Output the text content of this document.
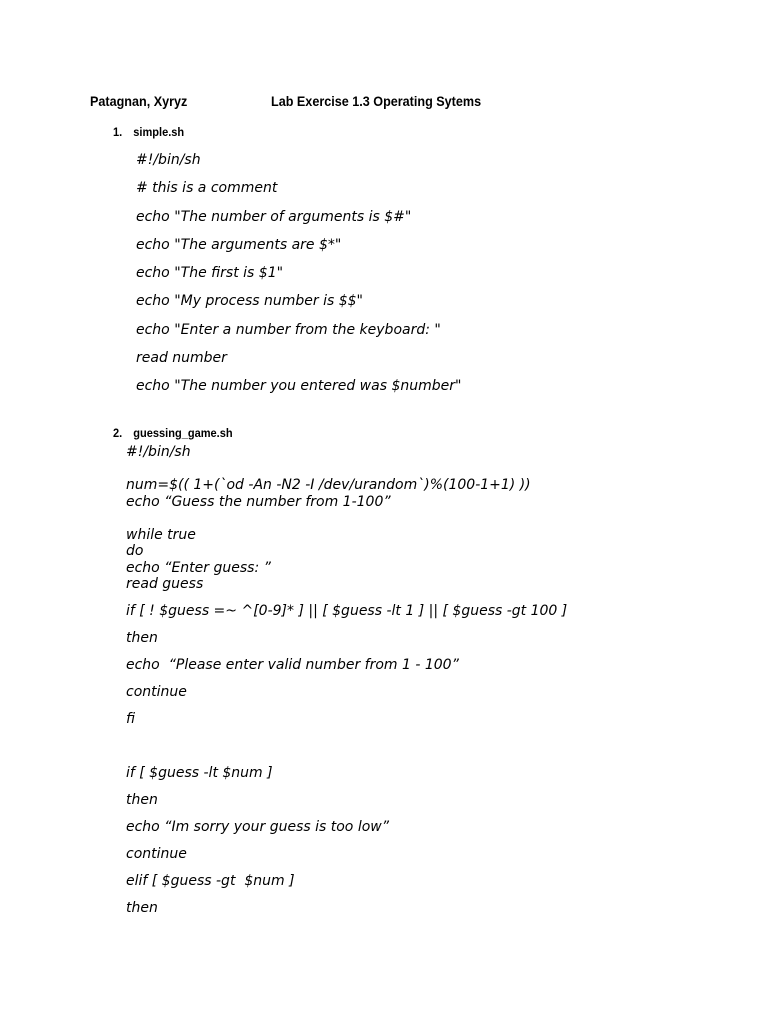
Patagnan, Xyryz	Lab Exercise 1.3 Operating Sytems
1. simple.sh
#!/bin/sh
# this is a comment
echo "The number of arguments is $#"
echo "The arguments are $*"
echo "The first is $1"
echo "My process number is $$"
echo "Enter a number from the keyboard: "
read number
echo "The number you entered was $number"
2. guessing_game.sh
#!/bin/sh
num=$(( 1+(`od -An -N2 -I /dev/urandom`)%(100-1+1) ))
echo “Guess the number from 1-100”
while true
do
echo “Enter guess: ”
read guess
if [ ! $guess =~ ^[0-9]* ] || [ $guess -lt 1 ] || [ $guess -gt 100 ]
then
echo  “Please enter valid number from 1 - 100”
continue
fi
if [ $guess -lt $num ]
then
echo “Im sorry your guess is too low”
continue
elif [ $guess -gt  $num ]
then
